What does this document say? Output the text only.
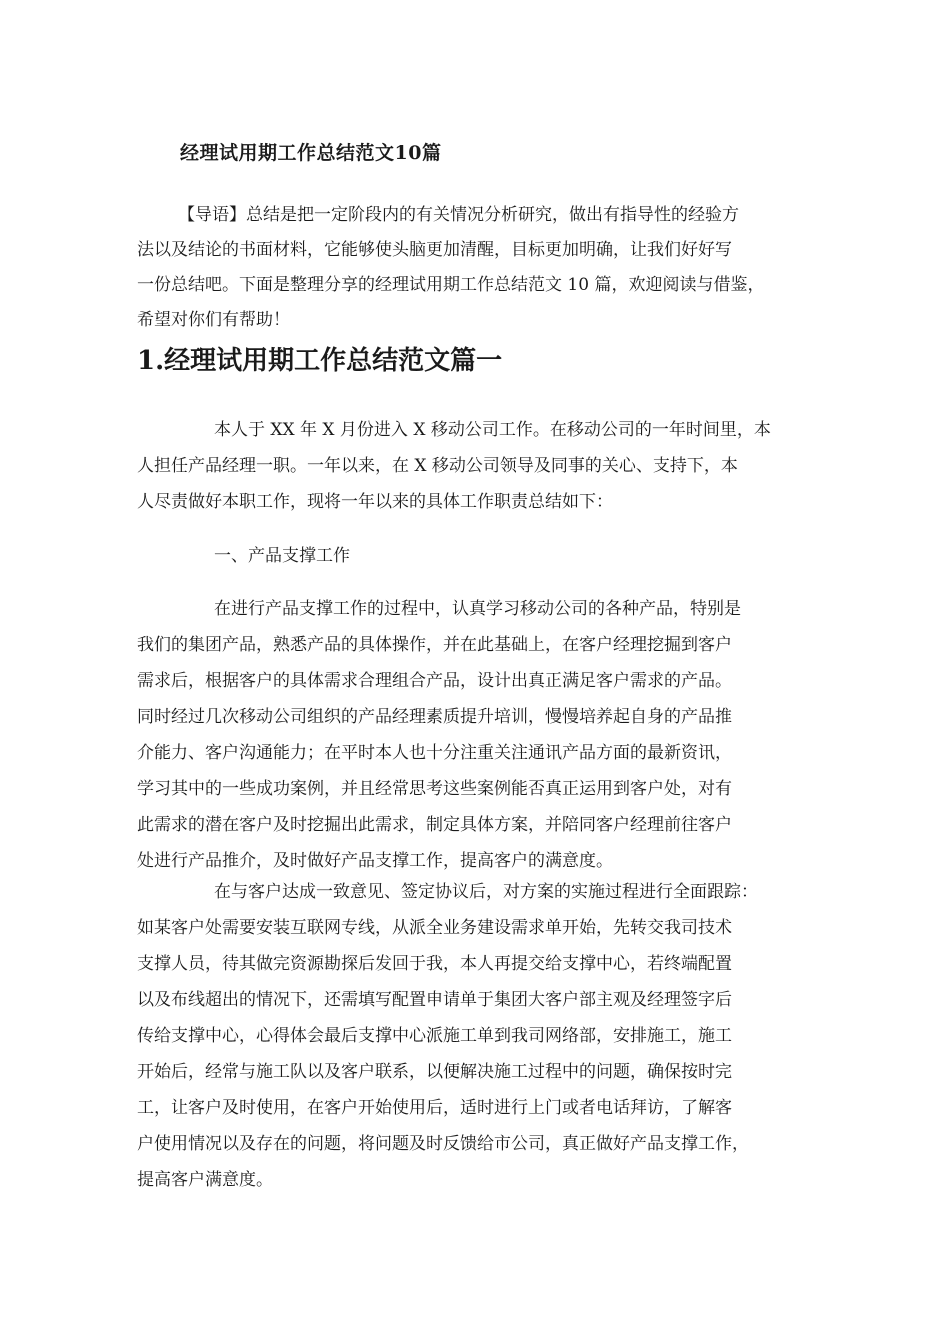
经理试用期工作总结范文10篇
【导语】总结是把一定阶段内的有关情况分析研究，做出有指导性的经验方
法以及结论的书面材料，它能够使头脑更加清醒，目标更加明确，让我们好好写
一份总结吧。下面是整理分享的经理试用期工作总结范文 10 篇，欢迎阅读与借鉴，
希望对你们有帮助！
1.经理试用期工作总结范文篇一
本人于 XX 年 X 月份进入 X 移动公司工作。在移动公司的一年时间里，本
人担任产品经理一职。一年以来，在 X 移动公司领导及同事的关心、支持下，本
人尽责做好本职工作，现将一年以来的具体工作职责总结如下：
一、产品支撑工作
在进行产品支撑工作的过程中，认真学习移动公司的各种产品，特别是
我们的集团产品，熟悉产品的具体操作，并在此基础上，在客户经理挖掘到客户
需求后，根据客户的具体需求合理组合产品，设计出真正满足客户需求的产品。
同时经过几次移动公司组织的产品经理素质提升培训，慢慢培养起自身的产品推
介能力、客户沟通能力；在平时本人也十分注重关注通讯产品方面的最新资讯，
学习其中的一些成功案例，并且经常思考这些案例能否真正运用到客户处，对有
此需求的潜在客户及时挖掘出此需求，制定具体方案，并陪同客户经理前往客户
处进行产品推介，及时做好产品支撑工作，提高客户的满意度。
在与客户达成一致意见、签定协议后，对方案的实施过程进行全面跟踪：
如某客户处需要安装互联网专线，从派全业务建设需求单开始，先转交我司技术
支撑人员，待其做完资源勘探后发回于我，本人再提交给支撑中心，若终端配置
以及布线超出的情况下，还需填写配置申请单于集团大客户部主观及经理签字后
传给支撑中心，心得体会最后支撑中心派施工单到我司网络部，安排施工，施工
开始后，经常与施工队以及客户联系，以便解决施工过程中的问题，确保按时完
工，让客户及时使用，在客户开始使用后，适时进行上门或者电话拜访，了解客
户使用情况以及存在的问题，将问题及时反馈给市公司，真正做好产品支撑工作，
提高客户满意度。
